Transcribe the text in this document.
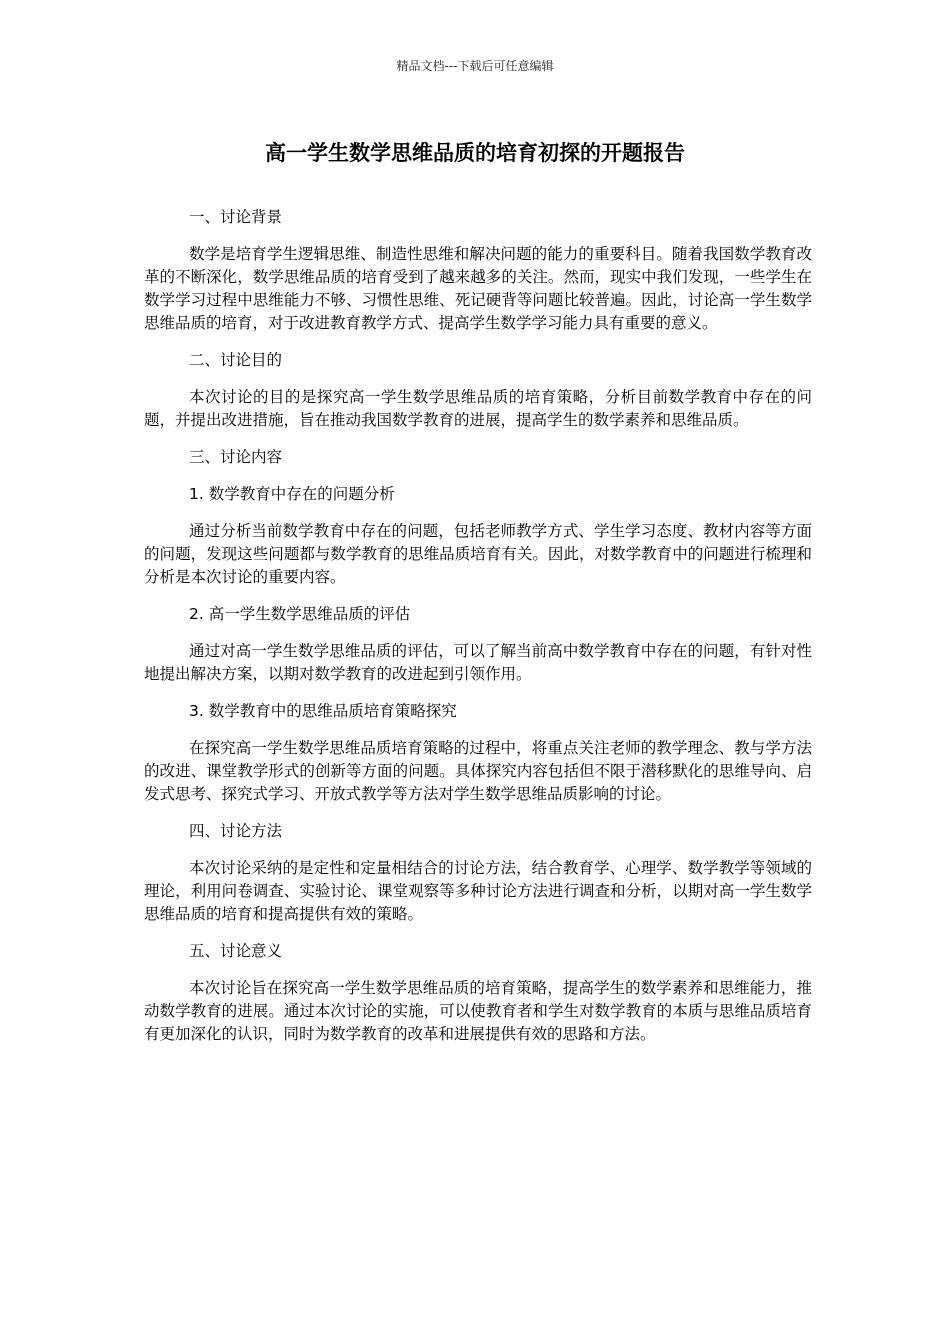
精品文档---下载后可任意编辑
高一学生数学思维品质的培育初探的开题报告

一、讨论背景

数学是培育学生逻辑思维、制造性思维和解决问题的能力的重要科目。随着我国数学教育改革的不断深化，数学思维品质的培育受到了越来越多的关注。然而，现实中我们发现，一些学生在数学学习过程中思维能力不够、习惯性思维、死记硬背等问题比较普遍。因此，讨论高一学生数学思维品质的培育，对于改进教育教学方式、提高学生数学学习能力具有重要的意义。

二、讨论目的

本次讨论的目的是探究高一学生数学思维品质的培育策略，分析目前数学教育中存在的问题，并提出改进措施，旨在推动我国数学教育的进展，提高学生的数学素养和思维品质。

三、讨论内容

1. 数学教育中存在的问题分析

通过分析当前数学教育中存在的问题，包括老师教学方式、学生学习态度、教材内容等方面的问题，发现这些问题都与数学教育的思维品质培育有关。因此，对数学教育中的问题进行梳理和分析是本次讨论的重要内容。

2. 高一学生数学思维品质的评估

通过对高一学生数学思维品质的评估，可以了解当前高中数学教育中存在的问题，有针对性地提出解决方案，以期对数学教育的改进起到引领作用。

3. 数学教育中的思维品质培育策略探究

在探究高一学生数学思维品质培育策略的过程中，将重点关注老师的教学理念、教与学方法的改进、课堂教学形式的创新等方面的问题。具体探究内容包括但不限于潜移默化的思维导向、启发式思考、探究式学习、开放式教学等方法对学生数学思维品质影响的讨论。

四、讨论方法

本次讨论采纳的是定性和定量相结合的讨论方法，结合教育学、心理学、数学教学等领域的理论，利用问卷调查、实验讨论、课堂观察等多种讨论方法进行调查和分析，以期对高一学生数学思维品质的培育和提高提供有效的策略。

五、讨论意义

本次讨论旨在探究高一学生数学思维品质的培育策略，提高学生的数学素养和思维能力，推动数学教育的进展。通过本次讨论的实施，可以使教育者和学生对数学教育的本质与思维品质培育有更加深化的认识，同时为数学教育的改革和进展提供有效的思路和方法。
